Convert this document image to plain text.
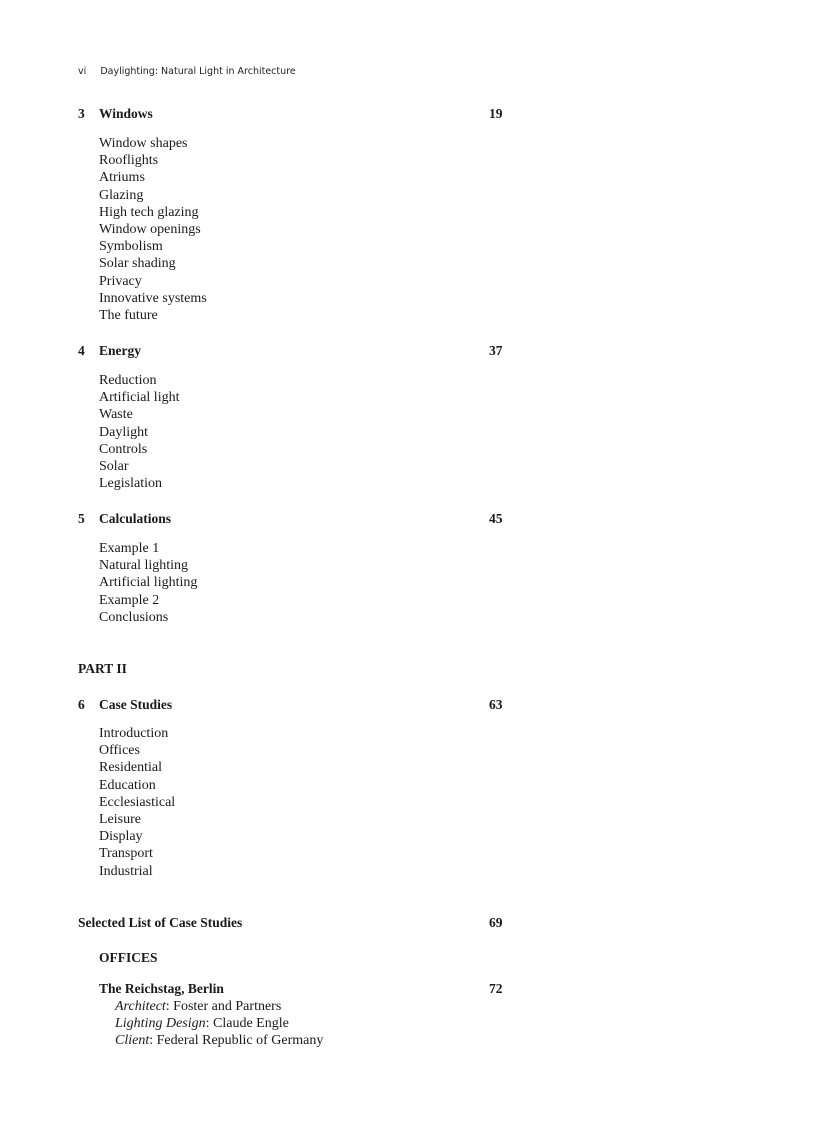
vi Daylighting: Natural Light in Architecture
3 Windows	19
Window shapes
Rooflights
Atriums
Glazing
High tech glazing
Window openings
Symbolism
Solar shading
Privacy
Innovative systems
The future
4 Energy	37
Reduction
Artificial light
Waste
Daylight
Controls
Solar
Legislation
5 Calculations	45
Example 1
Natural lighting
Artificial lighting
Example 2
Conclusions
PART II
6 Case Studies	63
Introduction
Offices
Residential
Education
Ecclesiastical
Leisure
Display
Transport
Industrial
Selected List of Case Studies	69
OFFICES
The Reichstag, Berlin	72
Architect: Foster and Partners
Lighting Design: Claude Engle
Client: Federal Republic of Germany
